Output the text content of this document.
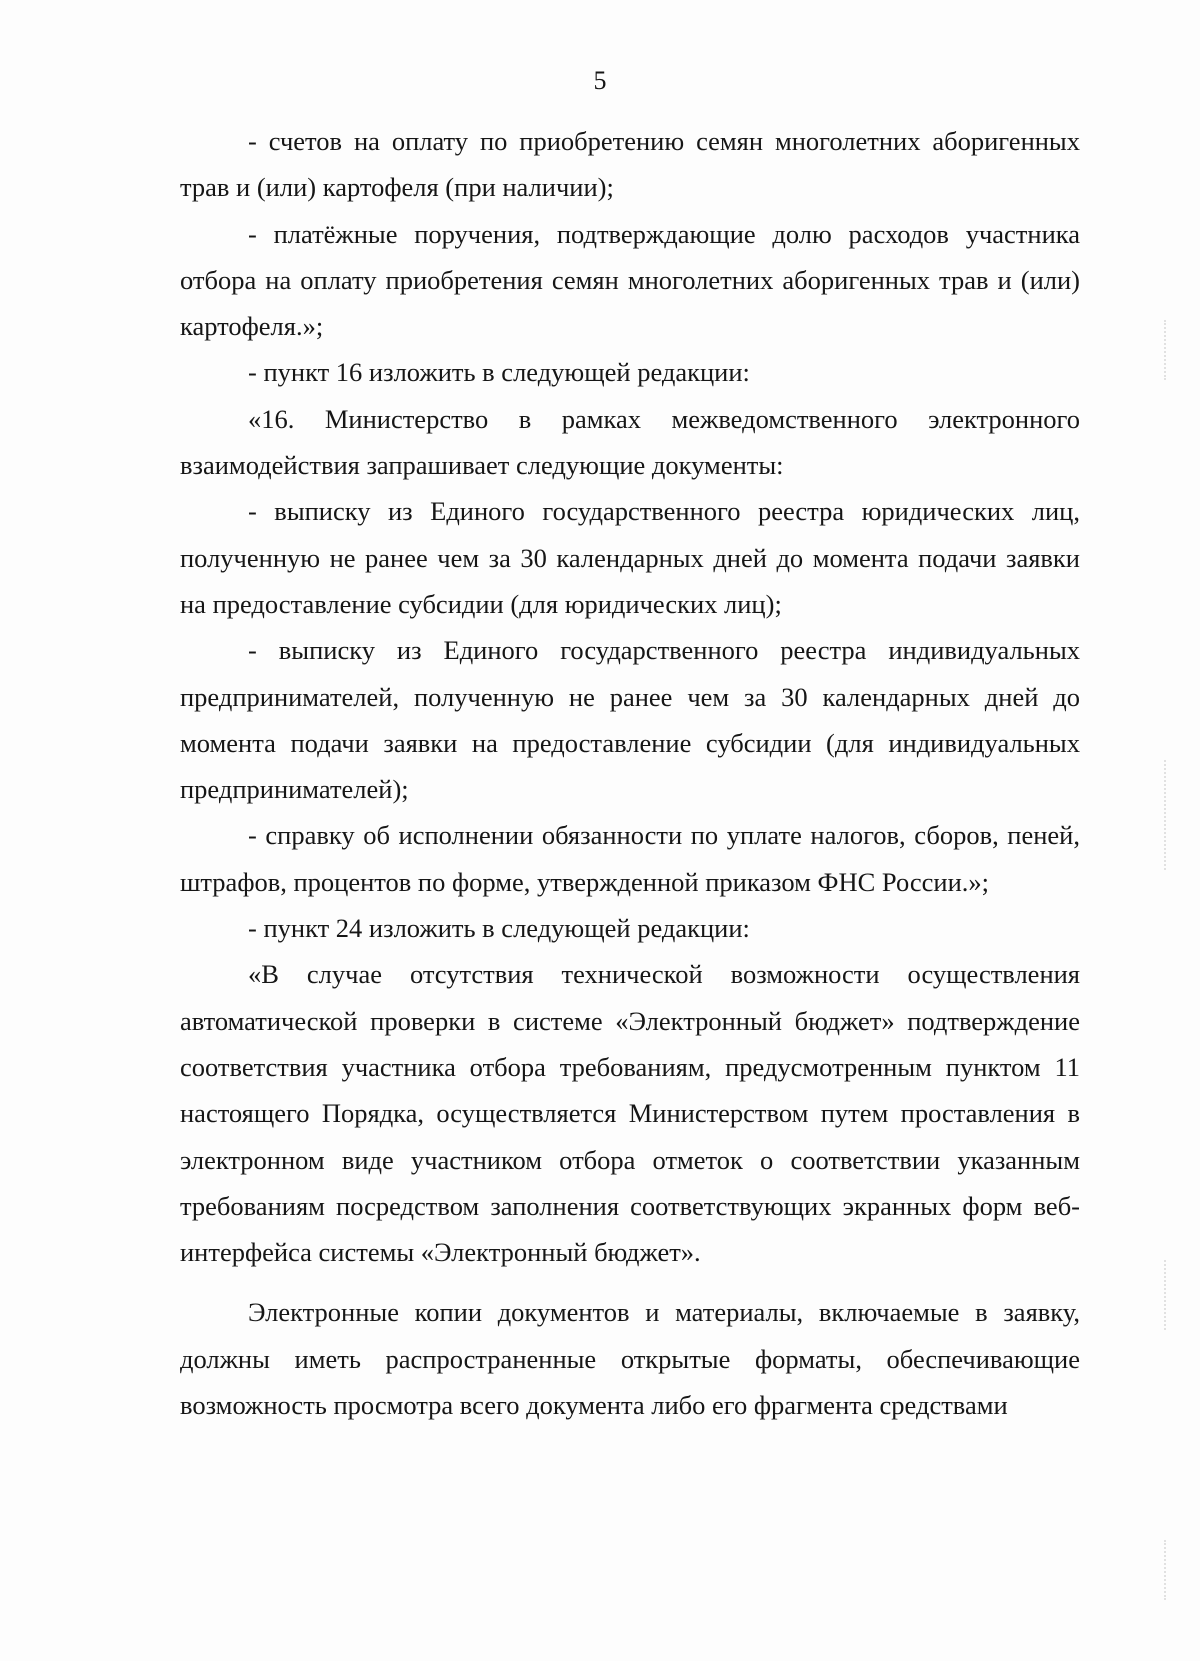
5

- счетов на оплату по приобретению семян многолетних аборигенных трав и (или) картофеля (при наличии);

- платёжные поручения, подтверждающие долю расходов участника отбора на оплату приобретения семян многолетних аборигенных трав и (или) картофеля.»;

- пункт 16 изложить в следующей редакции:

«16. Министерство в рамках межведомственного электронного взаимодействия запрашивает следующие документы:

- выписку из Единого государственного реестра юридических лиц, полученную не ранее чем за 30 календарных дней до момента подачи заявки на предоставление субсидии (для юридических лиц);

- выписку из Единого государственного реестра индивидуальных предпринимателей, полученную не ранее чем за 30 календарных дней до момента подачи заявки на предоставление субсидии (для индивидуальных предпринимателей);

- справку об исполнении обязанности по уплате налогов, сборов, пеней, штрафов, процентов по форме, утвержденной приказом ФНС России.»;

- пункт 24 изложить в следующей редакции:

«В случае отсутствия технической возможности осуществления автоматической проверки в системе «Электронный бюджет» подтверждение соответствия участника отбора требованиям, предусмотренным пунктом 11 настоящего Порядка, осуществляется Министерством путем проставления в электронном виде участником отбора отметок о соответствии указанным требованиям посредством заполнения соответствующих экранных форм веб-интерфейса системы «Электронный бюджет».

Электронные копии документов и материалы, включаемые в заявку, должны иметь распространенные открытые форматы, обеспечивающие возможность просмотра всего документа либо его фрагмента средствами
